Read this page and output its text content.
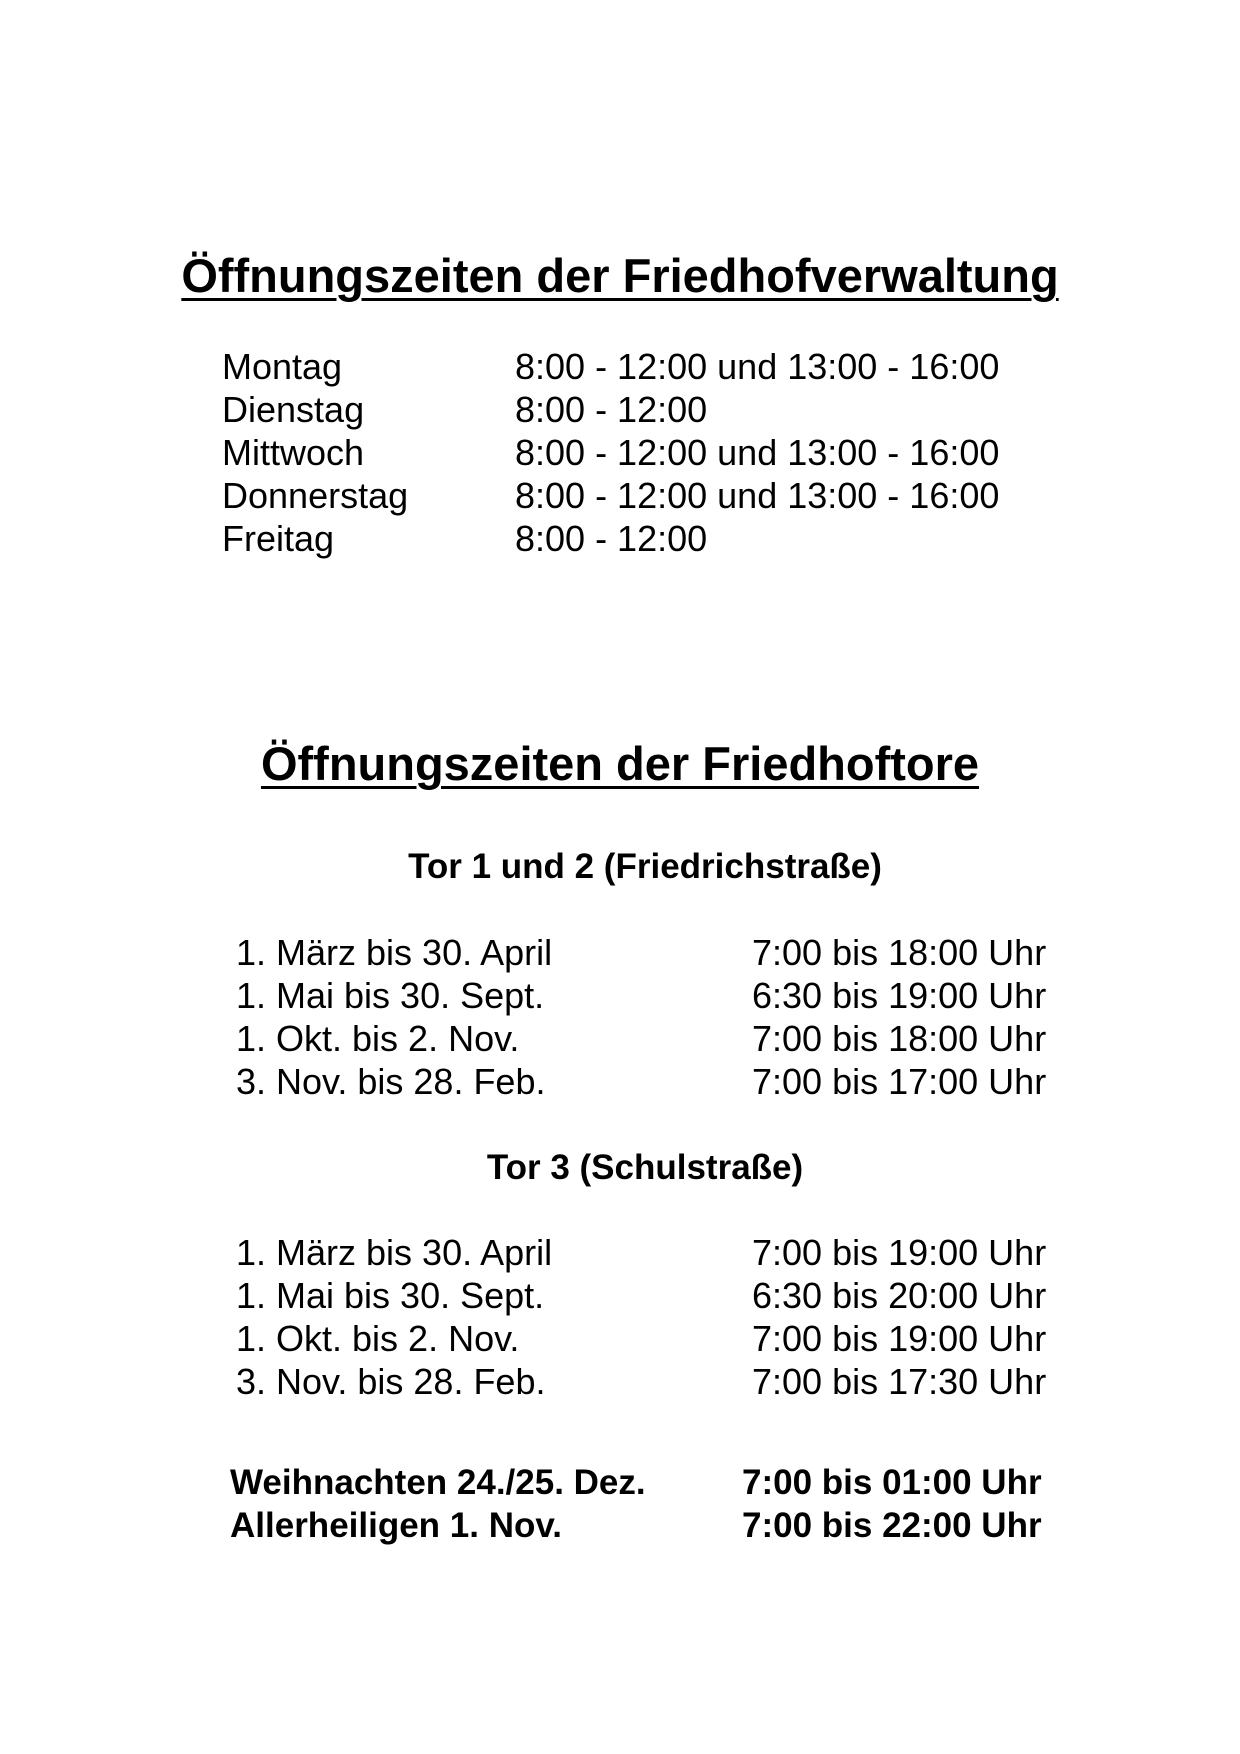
Öffnungszeiten der Friedhofverwaltung
Montag	8:00 - 12:00 und 13:00 - 16:00
Dienstag	8:00 - 12:00
Mittwoch	8:00 - 12:00 und 13:00 - 16:00
Donnerstag	8:00 - 12:00 und 13:00 - 16:00
Freitag	8:00 - 12:00
Öffnungszeiten der Friedhoftore
Tor 1 und 2 (Friedrichstraße)
1. März bis 30. April	7:00 bis 18:00 Uhr
1. Mai bis 30. Sept.	6:30 bis 19:00 Uhr
1. Okt. bis 2. Nov.	7:00 bis 18:00 Uhr
3. Nov. bis 28. Feb.	7:00 bis 17:00 Uhr
Tor 3 (Schulstraße)
1. März bis 30. April	7:00 bis 19:00 Uhr
1. Mai bis 30. Sept.	6:30 bis 20:00 Uhr
1. Okt. bis 2. Nov.	7:00 bis 19:00 Uhr
3. Nov. bis 28. Feb.	7:00 bis 17:30 Uhr
Weihnachten 24./25. Dez.	7:00 bis 01:00 Uhr
Allerheiligen 1. Nov.	7:00 bis 22:00 Uhr
